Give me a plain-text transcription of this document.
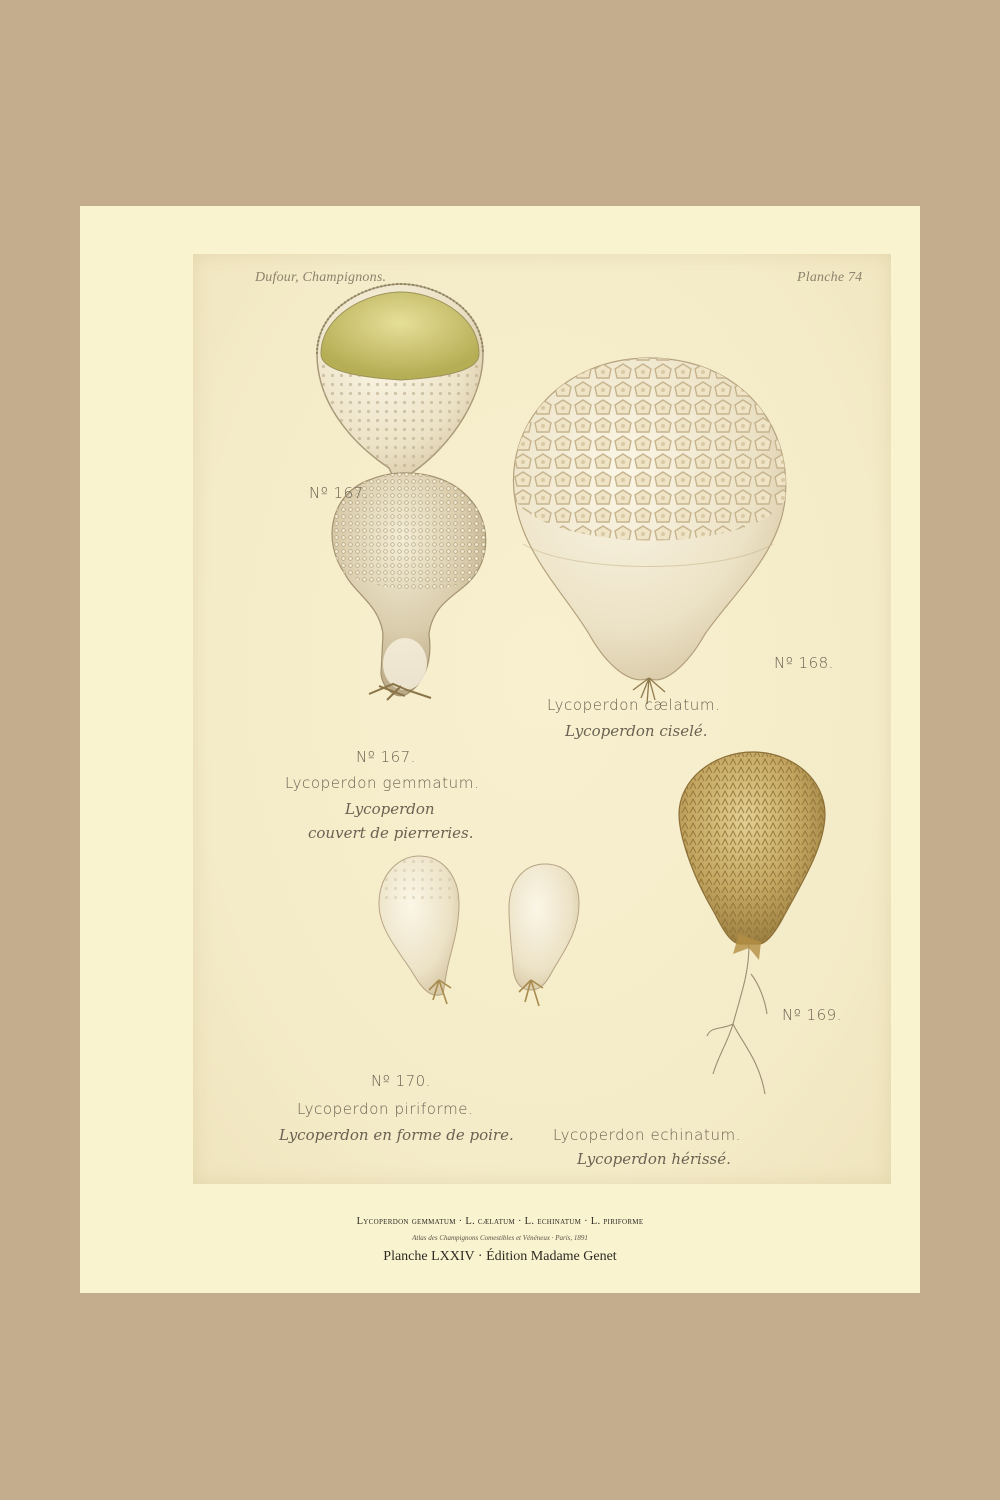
Dufour, Champignons.	Planche 74
Nº 167.
Nº 167.
Lycoperdon gemmatum.
Lycoperdon
couvert de pierreries.
Nº 168.
Lycoperdon cælatum.
Lycoperdon ciselé.
Nº 169.
Lycoperdon echinatum.
Lycoperdon hérissé.
Nº 170.
Lycoperdon piriforme.
Lycoperdon en forme de poire.
Lycoperdon gemmatum · L. cælatum · L. echinatum · L. piriforme
Atlas des Champignons Comestibles et Vénéneux · Paris, 1891
Planche LXXIV · Édition Madame Genet
